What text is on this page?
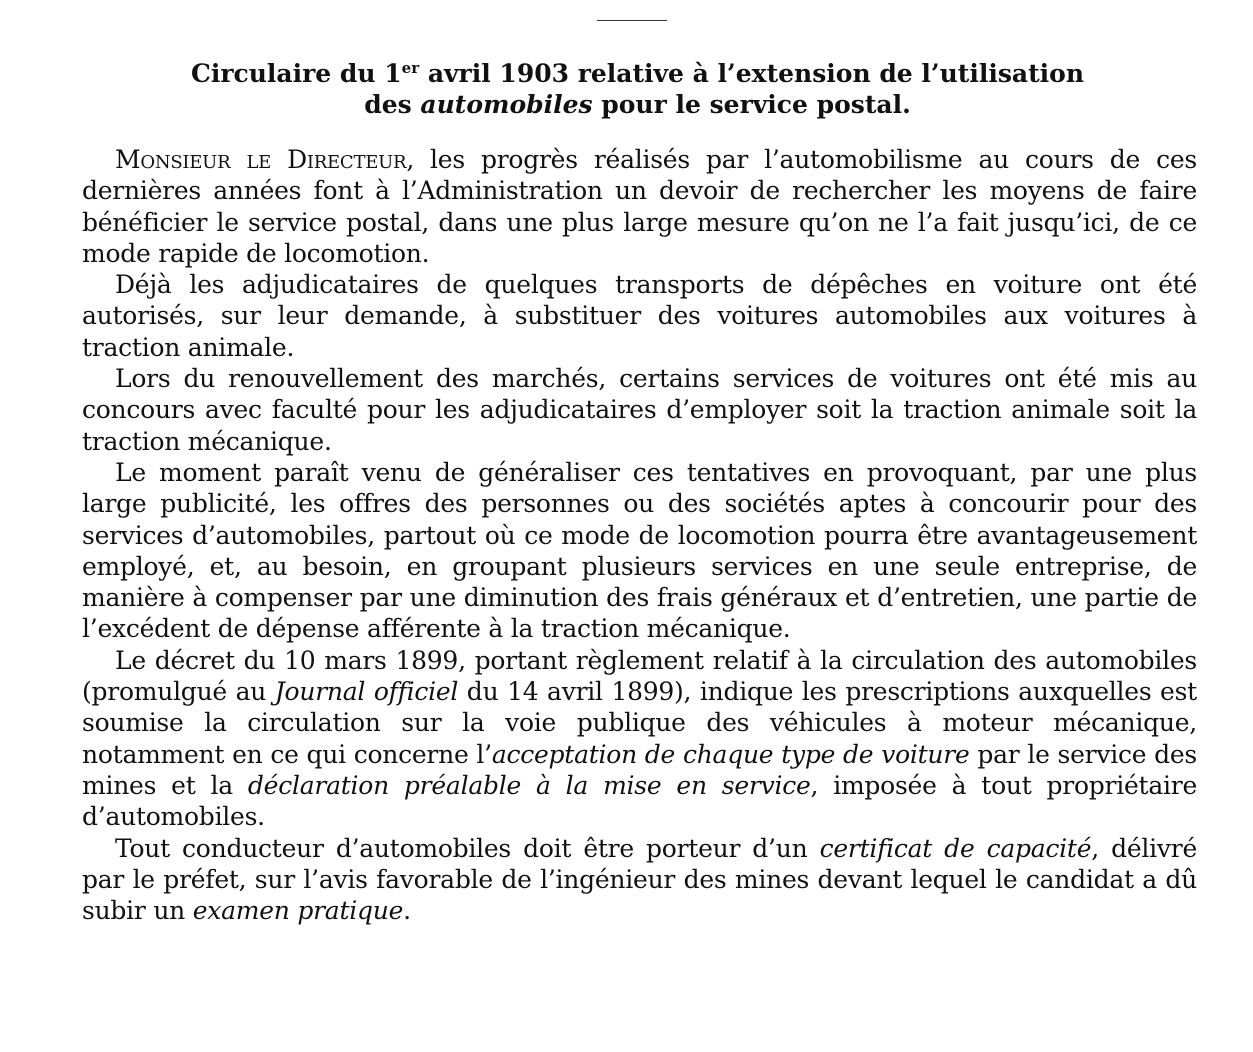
Circulaire du 1er avril 1903 relative à l’extension de l’utilisation
des automobiles pour le service postal.

Monsieur le Directeur, les progrès réalisés par l’automobilisme au cours de ces dernières années font à l’Administration un devoir de rechercher les moyens de faire bénéficier le service postal, dans une plus large mesure qu’on ne l’a fait jusqu’ici, de ce mode rapide de locomotion.

Déjà les adjudicataires de quelques transports de dépêches en voiture ont été autorisés, sur leur demande, à substituer des voitures automobiles aux voitures à traction animale.

Lors du renouvellement des marchés, certains services de voitures ont été mis au concours avec faculté pour les adjudicataires d’employer soit la traction animale soit la traction mécanique.

Le moment paraît venu de généraliser ces tentatives en provoquant, par une plus large publicité, les offres des personnes ou des sociétés aptes à concourir pour des services d’automobiles, partout où ce mode de locomotion pourra être avantageusement employé, et, au besoin, en groupant plusieurs services en une seule entreprise, de manière à compenser par une diminution des frais généraux et d’entretien, une partie de l’excédent de dépense afférente à la traction mécanique.

Le décret du 10 mars 1899, portant règlement relatif à la circulation des automobiles (promulgué au Journal officiel du 14 avril 1899), indique les prescriptions auxquelles est soumise la circulation sur la voie publique des véhicules à moteur mécanique, notamment en ce qui concerne l’acceptation de chaque type de voiture par le service des mines et la déclaration préalable à la mise en service, imposée à tout propriétaire d’automobiles.

Tout conducteur d’automobiles doit être porteur d’un certificat de capacité, délivré par le préfet, sur l’avis favorable de l’ingénieur des mines devant lequel le candidat a dû subir un examen pratique.
